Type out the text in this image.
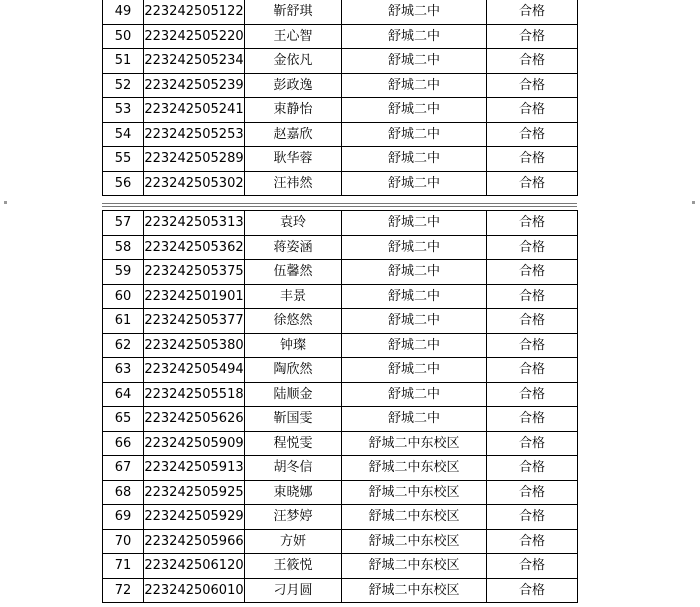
49	223242505122	靳舒琪	舒城二中	合格
50	223242505220	王心智	舒城二中	合格
51	223242505234	金依凡	舒城二中	合格
52	223242505239	彭政逸	舒城二中	合格
53	223242505241	束静怡	舒城二中	合格
54	223242505253	赵嘉欣	舒城二中	合格
55	223242505289	耿华蓉	舒城二中	合格
56	223242505302	汪祎然	舒城二中	合格
57	223242505313	袁玲	舒城二中	合格
58	223242505362	蒋姿涵	舒城二中	合格
59	223242505375	伍馨然	舒城二中	合格
60	223242501901	丰景	舒城二中	合格
61	223242505377	徐悠然	舒城二中	合格
62	223242505380	钟璨	舒城二中	合格
63	223242505494	陶欣然	舒城二中	合格
64	223242505518	陆顺金	舒城二中	合格
65	223242505626	靳国雯	舒城二中	合格
66	223242505909	程悦雯	舒城二中东校区	合格
67	223242505913	胡冬信	舒城二中东校区	合格
68	223242505925	束晓娜	舒城二中东校区	合格
69	223242505929	汪梦婷	舒城二中东校区	合格
70	223242505966	方妍	舒城二中东校区	合格
71	223242506120	王筱悦	舒城二中东校区	合格
72	223242506010	刁月圆	舒城二中东校区	合格
